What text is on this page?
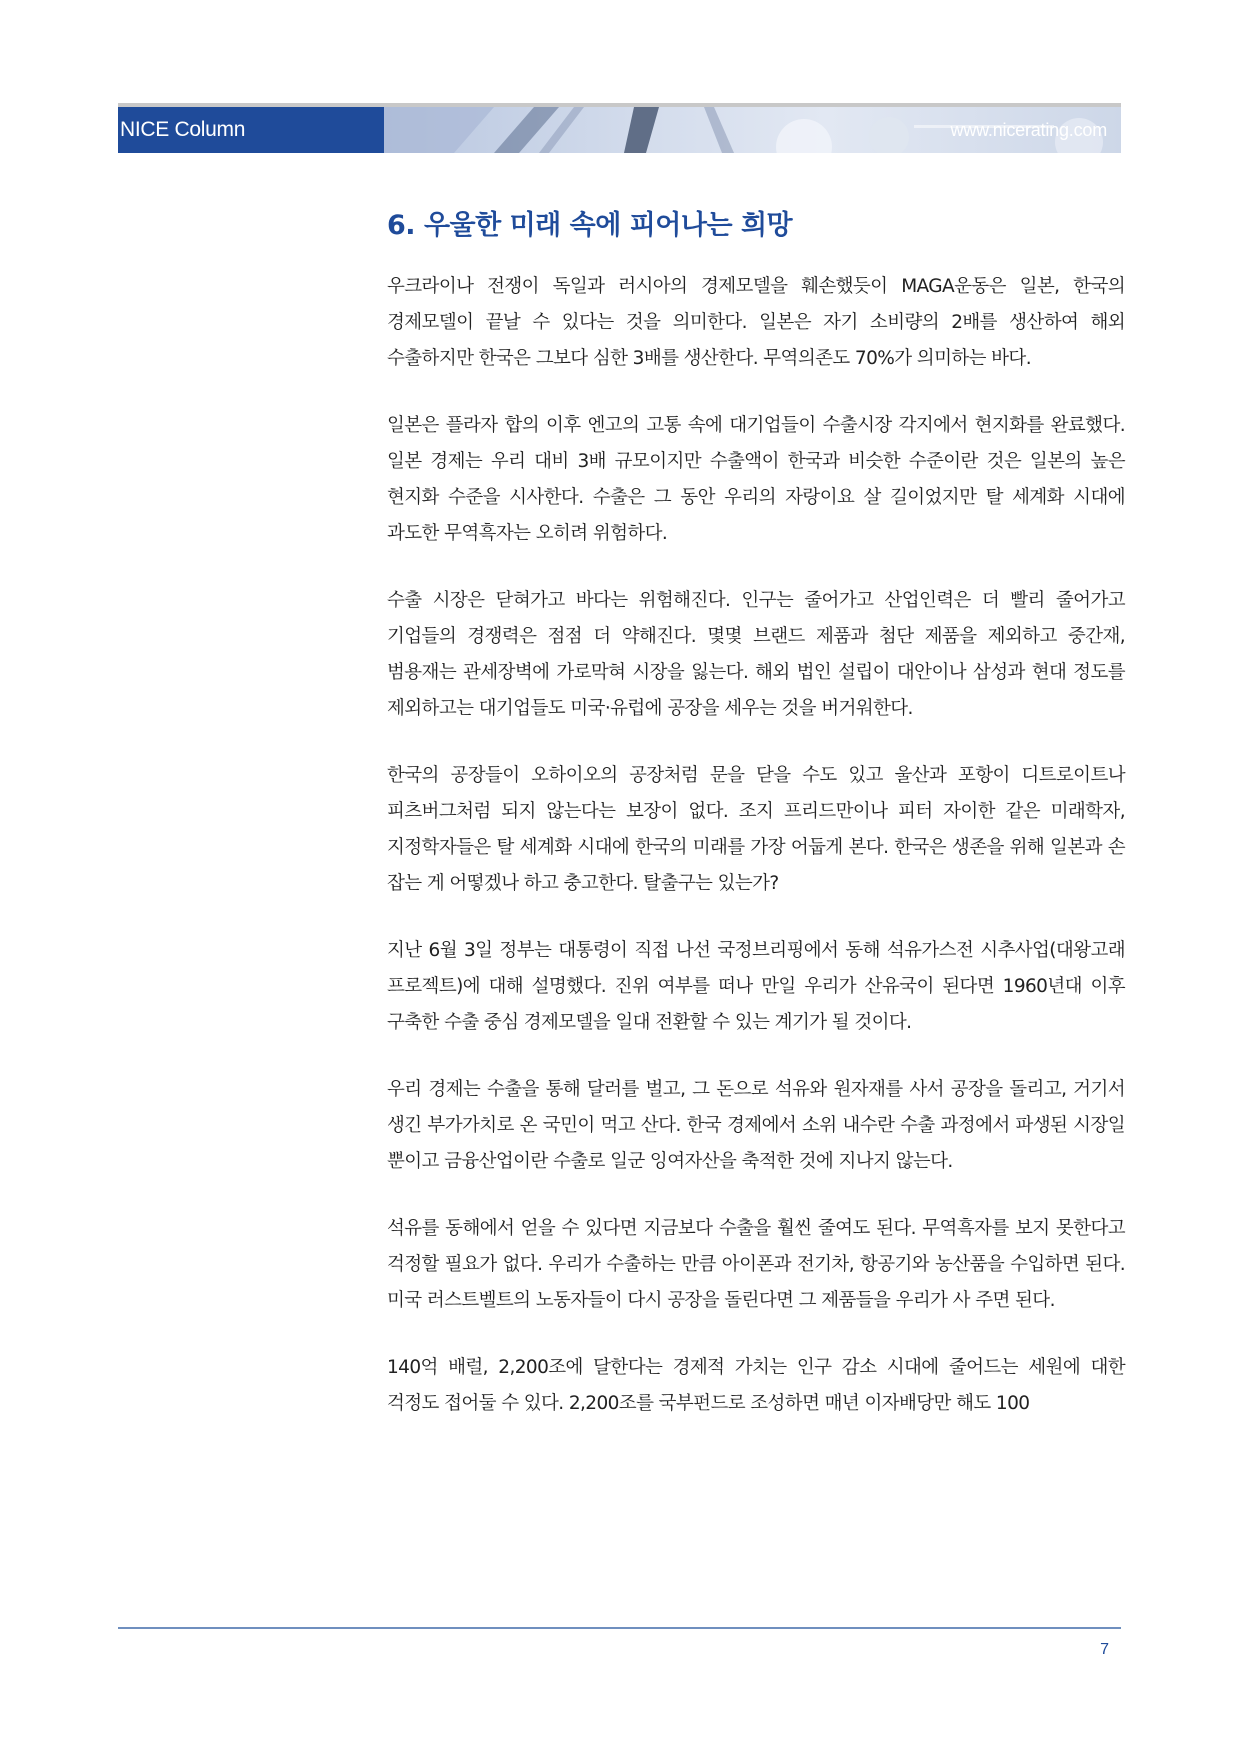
NICE Column	www.nicerating.com
6. 우울한 미래 속에 피어나는 희망

우크라이나 전쟁이 독일과 러시아의 경제모델을 훼손했듯이 MAGA운동은 일본, 한국의 경제모델이 끝날 수 있다는 것을 의미한다. 일본은 자기 소비량의 2배를 생산하여 해외 수출하지만 한국은 그보다 심한 3배를 생산한다. 무역의존도 70%가 의미하는 바다.

일본은 플라자 합의 이후 엔고의 고통 속에 대기업들이 수출시장 각지에서 현지화를 완료했다. 일본 경제는 우리 대비 3배 규모이지만 수출액이 한국과 비슷한 수준이란 것은 일본의 높은 현지화 수준을 시사한다. 수출은 그 동안 우리의 자랑이요 살 길이었지만 탈 세계화 시대에 과도한 무역흑자는 오히려 위험하다.

수출 시장은 닫혀가고 바다는 위험해진다. 인구는 줄어가고 산업인력은 더 빨리 줄어가고 기업들의 경쟁력은 점점 더 약해진다. 몇몇 브랜드 제품과 첨단 제품을 제외하고 중간재, 범용재는 관세장벽에 가로막혀 시장을 잃는다. 해외 법인 설립이 대안이나 삼성과 현대 정도를 제외하고는 대기업들도 미국·유럽에 공장을 세우는 것을 버거워한다.

한국의 공장들이 오하이오의 공장처럼 문을 닫을 수도 있고 울산과 포항이 디트로이트나 피츠버그처럼 되지 않는다는 보장이 없다. 조지 프리드만이나 피터 자이한 같은 미래학자, 지정학자들은 탈 세계화 시대에 한국의 미래를 가장 어둡게 본다. 한국은 생존을 위해 일본과 손 잡는 게 어떻겠나 하고 충고한다. 탈출구는 있는가?

지난 6월 3일 정부는 대통령이 직접 나선 국정브리핑에서 동해 석유가스전 시추사업(대왕고래 프로젝트)에 대해 설명했다. 진위 여부를 떠나 만일 우리가 산유국이 된다면 1960년대 이후 구축한 수출 중심 경제모델을 일대 전환할 수 있는 계기가 될 것이다.

우리 경제는 수출을 통해 달러를 벌고, 그 돈으로 석유와 원자재를 사서 공장을 돌리고, 거기서 생긴 부가가치로 온 국민이 먹고 산다. 한국 경제에서 소위 내수란 수출 과정에서 파생된 시장일 뿐이고 금융산업이란 수출로 일군 잉여자산을 축적한 것에 지나지 않는다.

석유를 동해에서 얻을 수 있다면 지금보다 수출을 훨씬 줄여도 된다. 무역흑자를 보지 못한다고 걱정할 필요가 없다. 우리가 수출하는 만큼 아이폰과 전기차, 항공기와 농산품을 수입하면 된다. 미국 러스트벨트의 노동자들이 다시 공장을 돌린다면 그 제품들을 우리가 사 주면 된다.

140억 배럴, 2,200조에 달한다는 경제적 가치는 인구 감소 시대에 줄어드는 세원에 대한 걱정도 접어둘 수 있다. 2,200조를 국부펀드로 조성하면 매년 이자배당만 해도 100

7
